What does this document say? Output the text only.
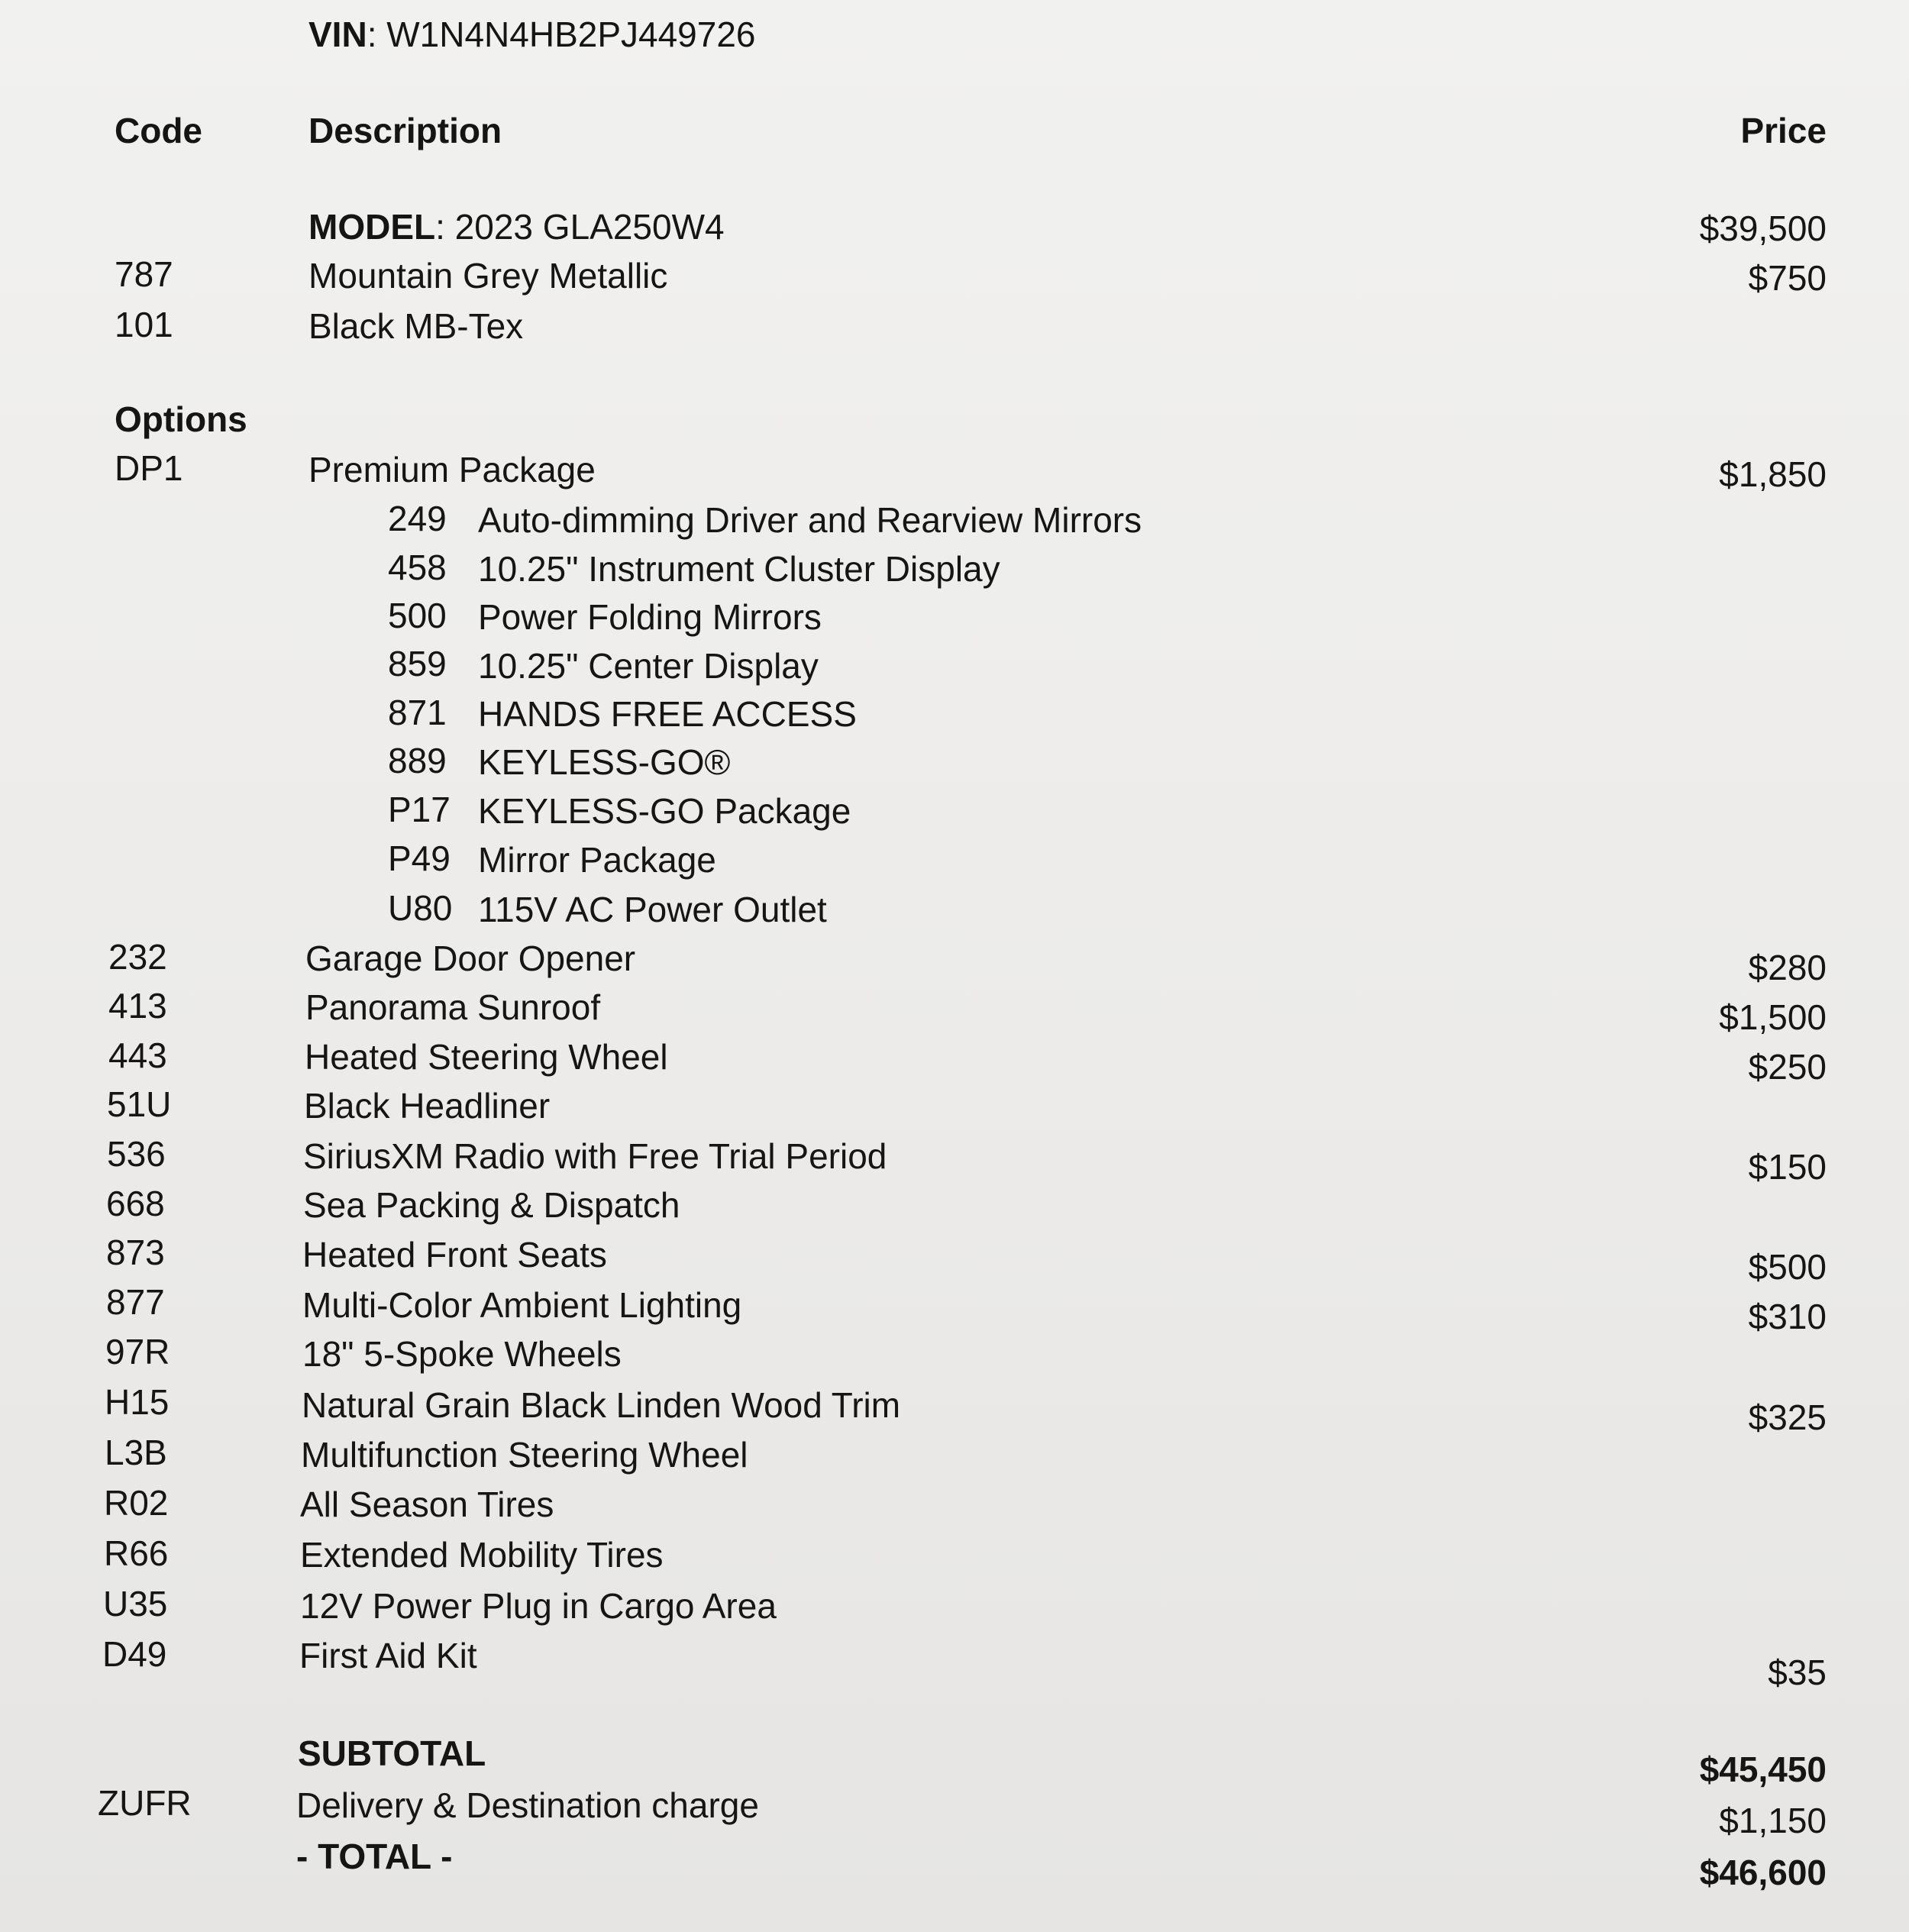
VIN: W1N4N4HB2PJ449726
Code	Description	Price
MODEL: 2023 GLA250W4	$39,500
787	Mountain Grey Metallic	$750
101	Black MB-Tex
Options
DP1	Premium Package	$1,850
249 Auto-dimming Driver and Rearview Mirrors
458 10.25" Instrument Cluster Display
500 Power Folding Mirrors
859 10.25" Center Display
871 HANDS FREE ACCESS
889 KEYLESS-GO®
P17 KEYLESS-GO Package
P49 Mirror Package
U80 115V AC Power Outlet
232	Garage Door Opener	$280
413	Panorama Sunroof	$1,500
443	Heated Steering Wheel	$250
51U	Black Headliner
536	SiriusXM Radio with Free Trial Period	$150
668	Sea Packing & Dispatch
873	Heated Front Seats	$500
877	Multi-Color Ambient Lighting	$310
97R	18" 5-Spoke Wheels
H15	Natural Grain Black Linden Wood Trim	$325
L3B	Multifunction Steering Wheel
R02	All Season Tires
R66	Extended Mobility Tires
U35	12V Power Plug in Cargo Area
D49	First Aid Kit	$35
SUBTOTAL	$45,450
ZUFR	Delivery & Destination charge	$1,150
- TOTAL -	$46,600
